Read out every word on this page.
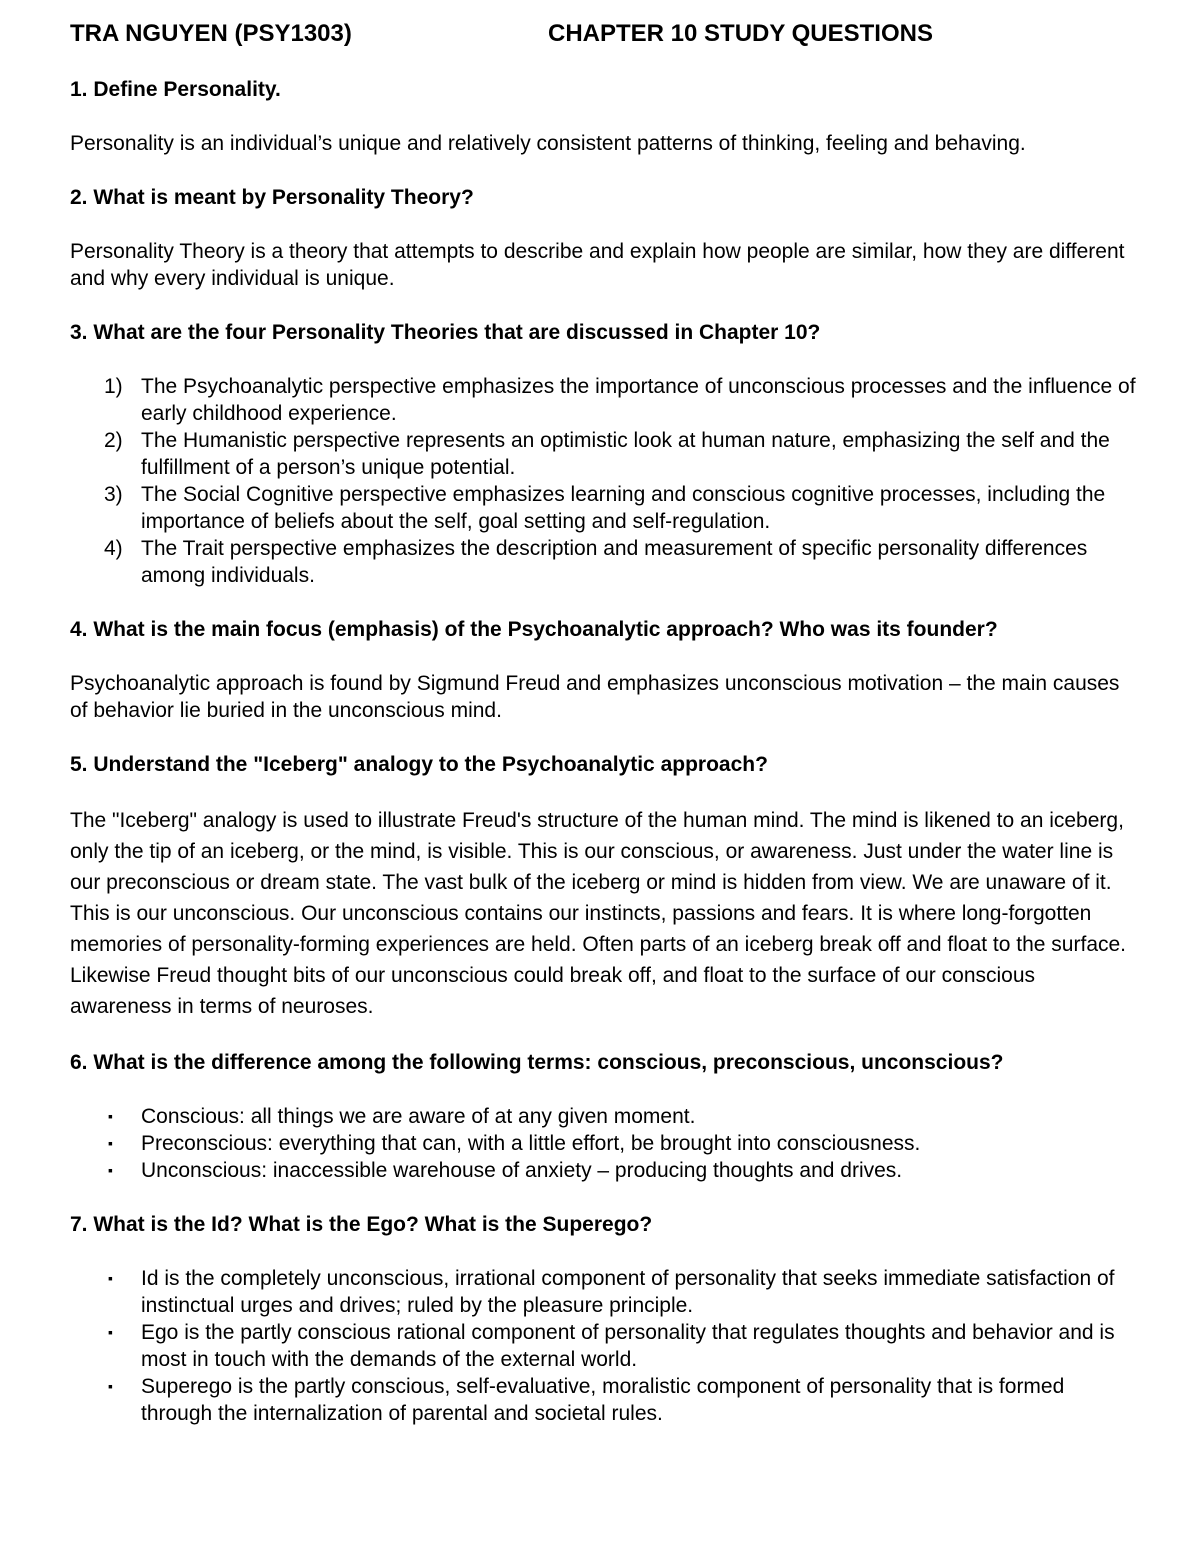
TRA NGUYEN (PSY1303)	CHAPTER 10 STUDY QUESTIONS
1. Define Personality.
Personality is an individual’s unique and relatively consistent patterns of thinking, feeling and behaving.
2. What is meant by Personality Theory?
Personality Theory is a theory that attempts to describe and explain how people are similar, how they are different and why every individual is unique.
3. What are the four Personality Theories that are discussed in Chapter 10?
1) The Psychoanalytic perspective emphasizes the importance of unconscious processes and the influence of early childhood experience.
2) The Humanistic perspective represents an optimistic look at human nature, emphasizing the self and the fulfillment of a person’s unique potential.
3) The Social Cognitive perspective emphasizes learning and conscious cognitive processes, including the importance of beliefs about the self, goal setting and self-regulation.
4) The Trait perspective emphasizes the description and measurement of specific personality differences among individuals.
4. What is the main focus (emphasis) of the Psychoanalytic approach? Who was its founder?
Psychoanalytic approach is found by Sigmund Freud and emphasizes unconscious motivation – the main causes of behavior lie buried in the unconscious mind.
5. Understand the "Iceberg" analogy to the Psychoanalytic approach?
The "Iceberg" analogy is used to illustrate Freud's structure of the human mind. The mind is likened to an iceberg, only the tip of an iceberg, or the mind, is visible. This is our conscious, or awareness. Just under the water line is our preconscious or dream state. The vast bulk of the iceberg or mind is hidden from view. We are unaware of it. This is our unconscious. Our unconscious contains our instincts, passions and fears. It is where long-forgotten memories of personality-forming experiences are held. Often parts of an iceberg break off and float to the surface. Likewise Freud thought bits of our unconscious could break off, and float to the surface of our conscious awareness in terms of neuroses.
6. What is the difference among the following terms: conscious, preconscious, unconscious?
▪ Conscious: all things we are aware of at any given moment.
▪ Preconscious: everything that can, with a little effort, be brought into consciousness.
▪ Unconscious: inaccessible warehouse of anxiety – producing thoughts and drives.
7. What is the Id? What is the Ego? What is the Superego?
▪ Id is the completely unconscious, irrational component of personality that seeks immediate satisfaction of instinctual urges and drives; ruled by the pleasure principle.
▪ Ego is the partly conscious rational component of personality that regulates thoughts and behavior and is most in touch with the demands of the external world.
▪ Superego is the partly conscious, self-evaluative, moralistic component of personality that is formed through the internalization of parental and societal rules.
